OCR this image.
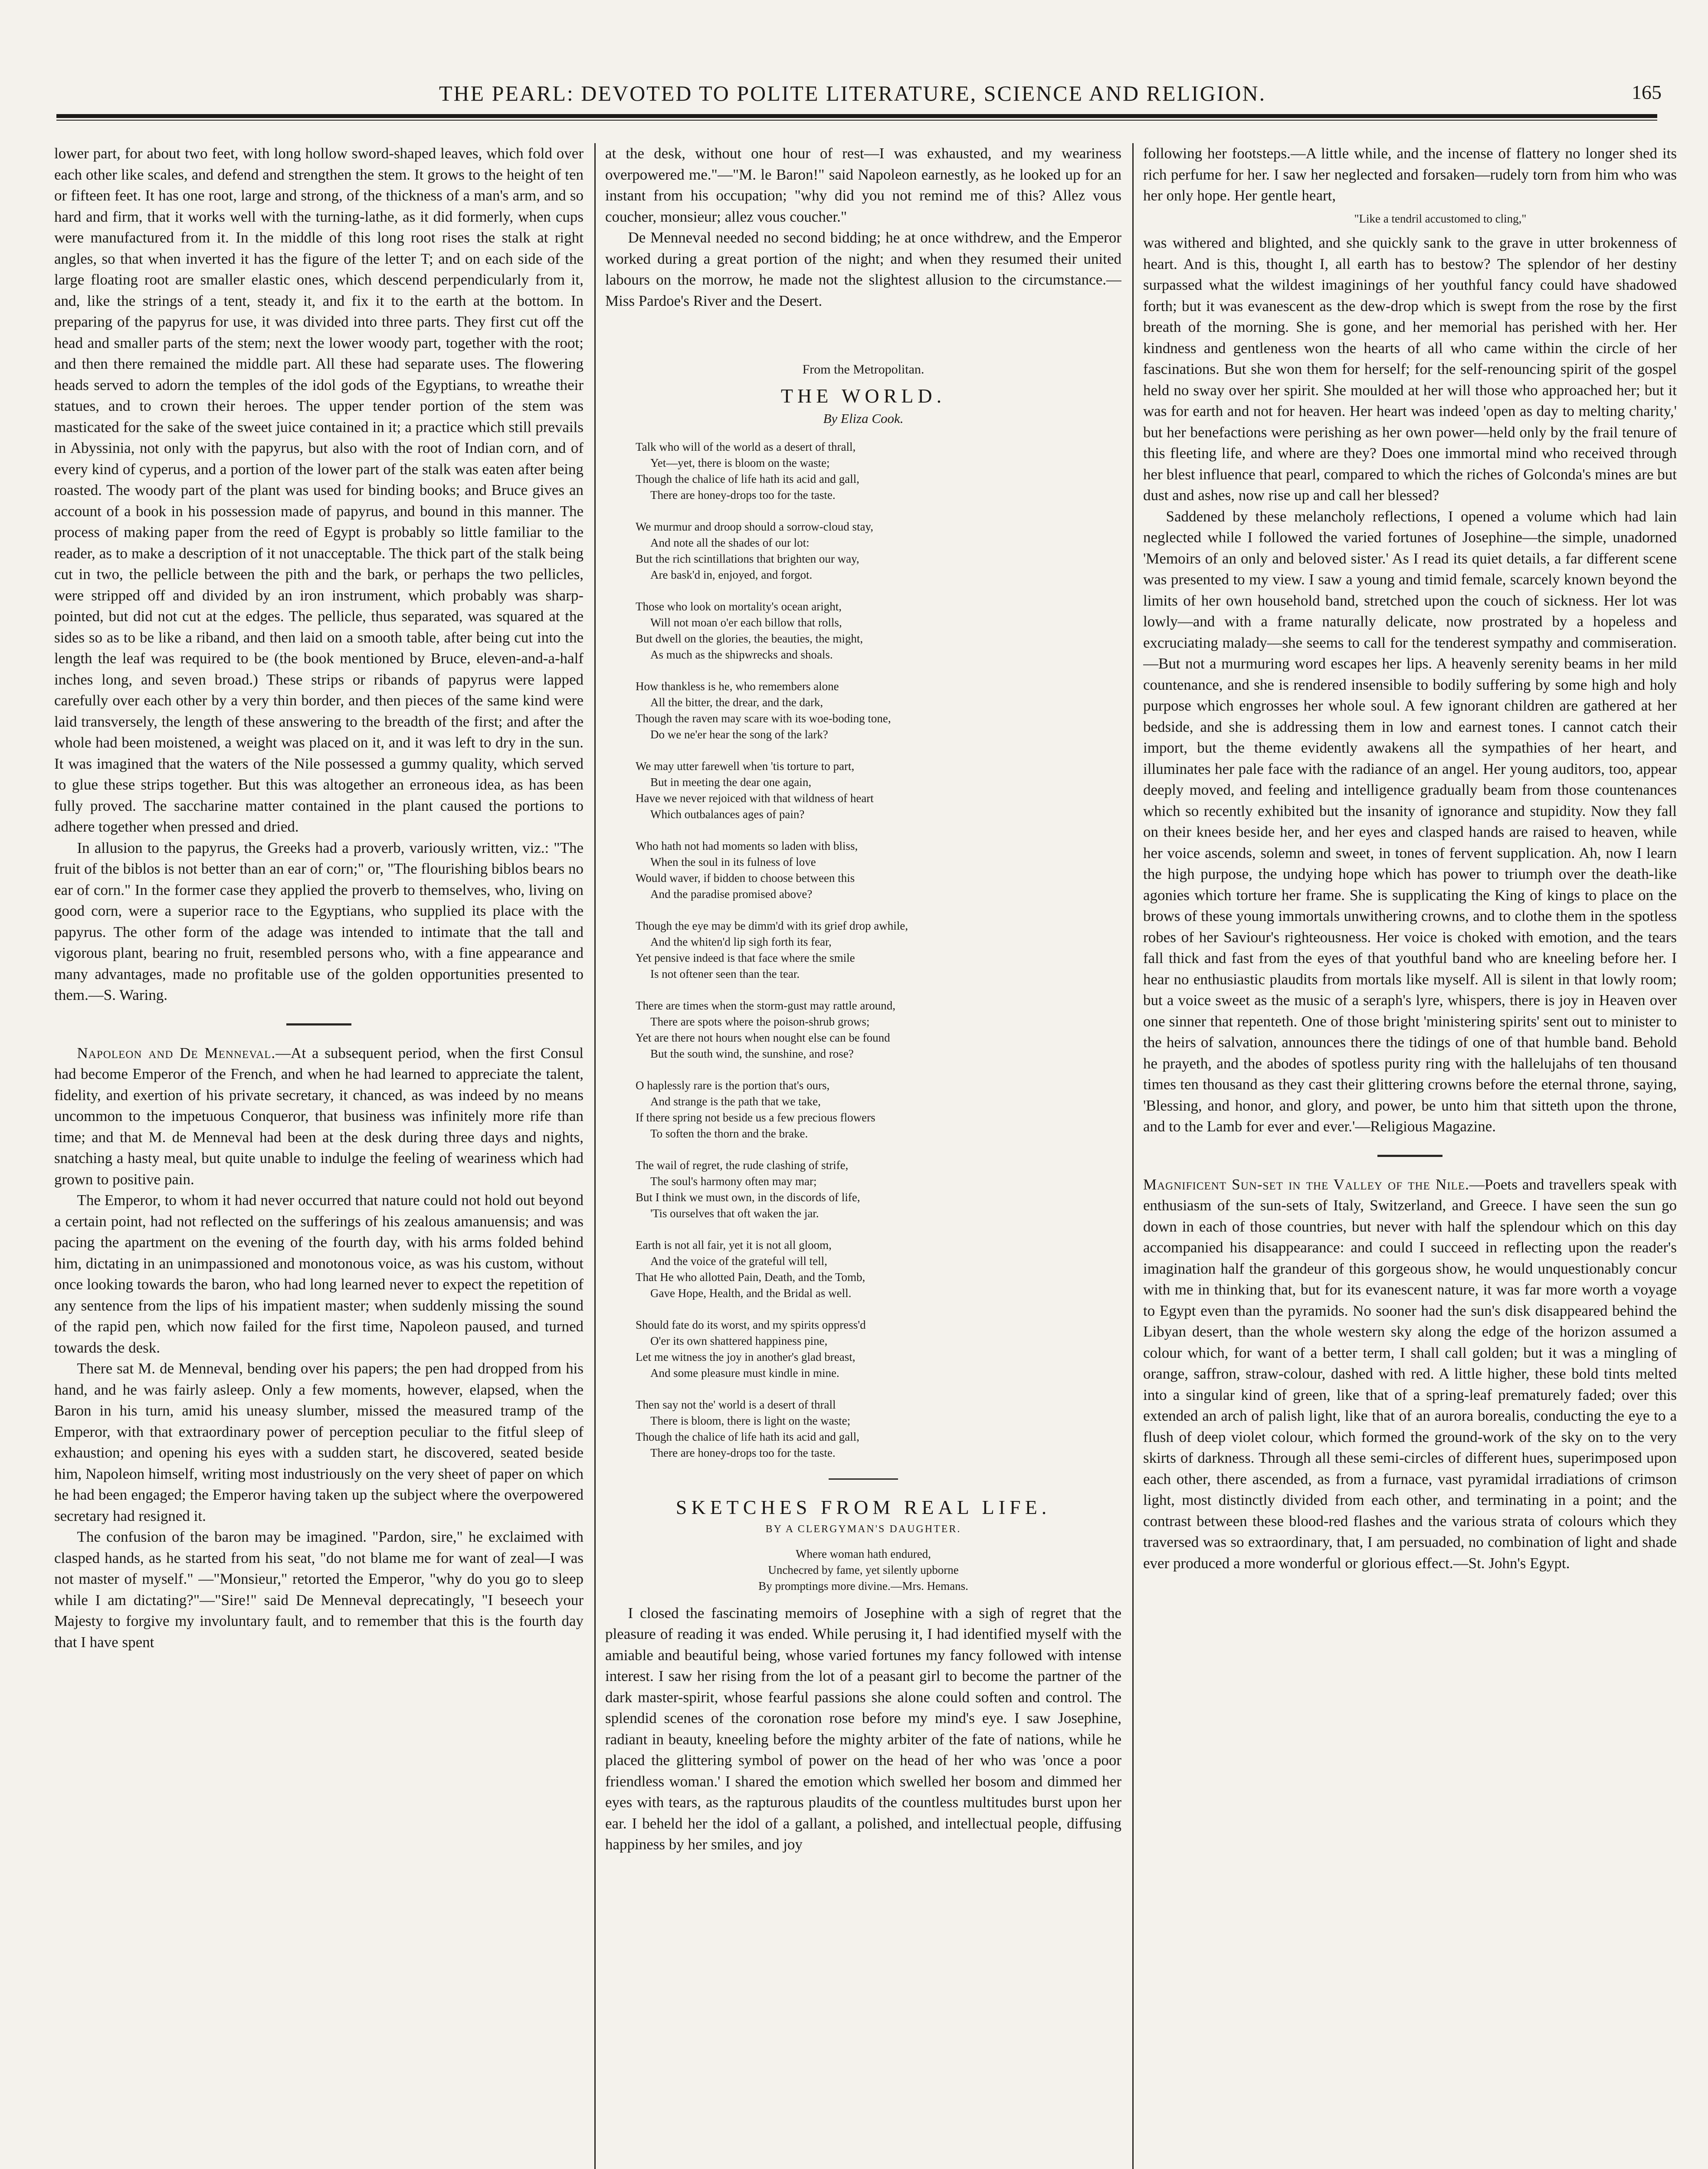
THE PEARL: DEVOTED TO POLITE LITERATURE, SCIENCE AND RELIGION.	165

lower part, for about two feet, with long hollow sword-shaped leaves, which fold over each other like scales, and defend and strengthen the stem. It grows to the height of ten or fifteen feet. It has one root, large and strong, of the thickness of a man's arm, and so hard and firm, that it works well with the turning-lathe, as it did formerly, when cups were manufactured from it. In the middle of this long root rises the stalk at right angles, so that when inverted it has the figure of the letter T; and on each side of the large floating root are smaller elastic ones, which descend perpendicularly from it, and, like the strings of a tent, steady it, and fix it to the earth at the bottom. In preparing of the papyrus for use, it was divided into three parts. They first cut off the head and smaller parts of the stem; next the lower woody part, together with the root; and then there remained the middle part. All these had separate uses. The flowering heads served to adorn the temples of the idol gods of the Egyptians, to wreathe their statues, and to crown their heroes. The upper tender portion of the stem was masticated for the sake of the sweet juice contained in it; a practice which still prevails in Abyssinia, not only with the papyrus, but also with the root of Indian corn, and of every kind of cyperus, and a portion of the lower part of the stalk was eaten after being roasted. The woody part of the plant was used for binding books; and Bruce gives an account of a book in his possession made of papyrus, and bound in this manner. The process of making paper from the reed of Egypt is probably so little familiar to the reader, as to make a description of it not unacceptable. The thick part of the stalk being cut in two, the pellicle between the pith and the bark, or perhaps the two pellicles, were stripped off and divided by an iron instrument, which probably was sharp-pointed, but did not cut at the edges. The pellicle, thus separated, was squared at the sides so as to be like a riband, and then laid on a smooth table, after being cut into the length the leaf was required to be (the book mentioned by Bruce, eleven-and-a-half inches long, and seven broad.) These strips or ribands of papyrus were lapped carefully over each other by a very thin border, and then pieces of the same kind were laid transversely, the length of these answering to the breadth of the first; and after the whole had been moistened, a weight was placed on it, and it was left to dry in the sun. It was imagined that the waters of the Nile possessed a gummy quality, which served to glue these strips together. But this was altogether an erroneous idea, as has been fully proved. The saccharine matter contained in the plant caused the portions to adhere together when pressed and dried.

In allusion to the papyrus, the Greeks had a proverb, variously written, viz.: "The fruit of the biblos is not better than an ear of corn;" or, "The flourishing biblos bears no ear of corn." In the former case they applied the proverb to themselves, who, living on good corn, were a superior race to the Egyptians, who supplied its place with the papyrus. The other form of the adage was intended to intimate that the tall and vigorous plant, bearing no fruit, resembled persons who, with a fine appearance and many advantages, made no profitable use of the golden opportunities presented to them.—S. Waring.

Napoleon and De Menneval.—At a subsequent period, when the first Consul had become Emperor of the French, and when he had learned to appreciate the talent, fidelity, and exertion of his private secretary, it chanced, as was indeed by no means uncommon to the impetuous Conqueror, that business was infinitely more rife than time; and that M. de Menneval had been at the desk during three days and nights, snatching a hasty meal, but quite unable to indulge the feeling of weariness which had grown to positive pain.

The Emperor, to whom it had never occurred that nature could not hold out beyond a certain point, had not reflected on the sufferings of his zealous amanuensis; and was pacing the apartment on the evening of the fourth day, with his arms folded behind him, dictating in an unimpassioned and monotonous voice, as was his custom, without once looking towards the baron, who had long learned never to expect the repetition of any sentence from the lips of his impatient master; when suddenly missing the sound of the rapid pen, which now failed for the first time, Napoleon paused, and turned towards the desk.

There sat M. de Menneval, bending over his papers; the pen had dropped from his hand, and he was fairly asleep. Only a few moments, however, elapsed, when the Baron in his turn, amid his uneasy slumber, missed the measured tramp of the Emperor, with that extraordinary power of perception peculiar to the fitful sleep of exhaustion; and opening his eyes with a sudden start, he discovered, seated beside him, Napoleon himself, writing most industriously on the very sheet of paper on which he had been engaged; the Emperor having taken up the subject where the overpowered secretary had resigned it.

The confusion of the baron may be imagined. "Pardon, sire," he exclaimed with clasped hands, as he started from his seat, "do not blame me for want of zeal—I was not master of myself." —"Monsieur," retorted the Emperor, "why do you go to sleep while I am dictating?"—"Sire!" said De Menneval deprecatingly, "I beseech your Majesty to forgive my involuntary fault, and to remember that this is the fourth day that I have spent

at the desk, without one hour of rest—I was exhausted, and my weariness overpowered me."—"M. le Baron!" said Napoleon earnestly, as he looked up for an instant from his occupation; "why did you not remind me of this? Allez vous coucher, monsieur; allez vous coucher."

De Menneval needed no second bidding; he at once withdrew, and the Emperor worked during a great portion of the night; and when they resumed their united labours on the morrow, he made not the slightest allusion to the circumstance.—Miss Pardoe's River and the Desert.

From the Metropolitan.
THE WORLD.
By Eliza Cook.
Talk who will of the world as a desert of thrall,
Yet—yet, there is bloom on the waste;
Though the chalice of life hath its acid and gall,
There are honey-drops too for the taste.
We murmur and droop should a sorrow-cloud stay,
And note all the shades of our lot:
But the rich scintillations that brighten our way,
Are bask'd in, enjoyed, and forgot.
Those who look on mortality's ocean aright,
Will not moan o'er each billow that rolls,
But dwell on the glories, the beauties, the might,
As much as the shipwrecks and shoals.
How thankless is he, who remembers alone
All the bitter, the drear, and the dark,
Though the raven may scare with its woe-boding tone,
Do we ne'er hear the song of the lark?
We may utter farewell when 'tis torture to part,
But in meeting the dear one again,
Have we never rejoiced with that wildness of heart
Which outbalances ages of pain?
Who hath not had moments so laden with bliss,
When the soul in its fulness of love
Would waver, if bidden to choose between this
And the paradise promised above?
Though the eye may be dimm'd with its grief drop awhile,
And the whiten'd lip sigh forth its fear,
Yet pensive indeed is that face where the smile
Is not oftener seen than the tear.
There are times when the storm-gust may rattle around,
There are spots where the poison-shrub grows;
Yet are there not hours when nought else can be found
But the south wind, the sunshine, and rose?
O haplessly rare is the portion that's ours,
And strange is the path that we take,
If there spring not beside us a few precious flowers
To soften the thorn and the brake.
The wail of regret, the rude clashing of strife,
The soul's harmony often may mar;
But I think we must own, in the discords of life,
'Tis ourselves that oft waken the jar.
Earth is not all fair, yet it is not all gloom,
And the voice of the grateful will tell,
That He who allotted Pain, Death, and the Tomb,
Gave Hope, Health, and the Bridal as well.
Should fate do its worst, and my spirits oppress'd
O'er its own shattered happiness pine,
Let me witness the joy in another's glad breast,
And some pleasure must kindle in mine.
Then say not the' world is a desert of thrall
There is bloom, there is light on the waste;
Though the chalice of life hath its acid and gall,
There are honey-drops too for the taste.
SKETCHES FROM REAL LIFE.
BY A CLERGYMAN'S DAUGHTER.
Where woman hath endured,
Unchecred by fame, yet silently upborne
By promptings more divine.—Mrs. Hemans.

I closed the fascinating memoirs of Josephine with a sigh of regret that the pleasure of reading it was ended. While perusing it, I had identified myself with the amiable and beautiful being, whose varied fortunes my fancy followed with intense interest. I saw her rising from the lot of a peasant girl to become the partner of the dark master-spirit, whose fearful passions she alone could soften and control. The splendid scenes of the coronation rose before my mind's eye. I saw Josephine, radiant in beauty, kneeling before the mighty arbiter of the fate of nations, while he placed the glittering symbol of power on the head of her who was 'once a poor friendless woman.' I shared the emotion which swelled her bosom and dimmed her eyes with tears, as the rapturous plaudits of the countless multitudes burst upon her ear. I beheld her the idol of a gallant, a polished, and intellectual people, diffusing happiness by her smiles, and joy

following her footsteps.—A little while, and the incense of flattery no longer shed its rich perfume for her. I saw her neglected and forsaken—rudely torn from him who was her only hope. Her gentle heart,

"Like a tendril accustomed to cling,"

was withered and blighted, and she quickly sank to the grave in utter brokenness of heart. And is this, thought I, all earth has to bestow? The splendor of her destiny surpassed what the wildest imaginings of her youthful fancy could have shadowed forth; but it was evanescent as the dew-drop which is swept from the rose by the first breath of the morning. She is gone, and her memorial has perished with her. Her kindness and gentleness won the hearts of all who came within the circle of her fascinations. But she won them for herself; for the self-renouncing spirit of the gospel held no sway over her spirit. She moulded at her will those who approached her; but it was for earth and not for heaven. Her heart was indeed 'open as day to melting charity,' but her benefactions were perishing as her own power—held only by the frail tenure of this fleeting life, and where are they? Does one immortal mind who received through her blest influence that pearl, compared to which the riches of Golconda's mines are but dust and ashes, now rise up and call her blessed?

Saddened by these melancholy reflections, I opened a volume which had lain neglected while I followed the varied fortunes of Josephine—the simple, unadorned 'Memoirs of an only and beloved sister.' As I read its quiet details, a far different scene was presented to my view. I saw a young and timid female, scarcely known beyond the limits of her own household band, stretched upon the couch of sickness. Her lot was lowly—and with a frame naturally delicate, now prostrated by a hopeless and excruciating malady—she seems to call for the tenderest sympathy and commiseration.—But not a murmuring word escapes her lips. A heavenly serenity beams in her mild countenance, and she is rendered insensible to bodily suffering by some high and holy purpose which engrosses her whole soul. A few ignorant children are gathered at her bedside, and she is addressing them in low and earnest tones. I cannot catch their import, but the theme evidently awakens all the sympathies of her heart, and illuminates her pale face with the radiance of an angel. Her young auditors, too, appear deeply moved, and feeling and intelligence gradually beam from those countenances which so recently exhibited but the insanity of ignorance and stupidity. Now they fall on their knees beside her, and her eyes and clasped hands are raised to heaven, while her voice ascends, solemn and sweet, in tones of fervent supplication. Ah, now I learn the high purpose, the undying hope which has power to triumph over the death-like agonies which torture her frame. She is supplicating the King of kings to place on the brows of these young immortals unwithering crowns, and to clothe them in the spotless robes of her Saviour's righteousness. Her voice is choked with emotion, and the tears fall thick and fast from the eyes of that youthful band who are kneeling before her. I hear no enthusiastic plaudits from mortals like myself. All is silent in that lowly room; but a voice sweet as the music of a seraph's lyre, whispers, there is joy in Heaven over one sinner that repenteth. One of those bright 'ministering spirits' sent out to minister to the heirs of salvation, announces there the tidings of one of that humble band. Behold he prayeth, and the abodes of spotless purity ring with the hallelujahs of ten thousand times ten thousand as they cast their glittering crowns before the eternal throne, saying, 'Blessing, and honor, and glory, and power, be unto him that sitteth upon the throne, and to the Lamb for ever and ever.'—Religious Magazine.

Magnificent Sun-set in the Valley of the Nile.—Poets and travellers speak with enthusiasm of the sun-sets of Italy, Switzerland, and Greece. I have seen the sun go down in each of those countries, but never with half the splendour which on this day accompanied his disappearance: and could I succeed in reflecting upon the reader's imagination half the grandeur of this gorgeous show, he would unquestionably concur with me in thinking that, but for its evanescent nature, it was far more worth a voyage to Egypt even than the pyramids. No sooner had the sun's disk disappeared behind the Libyan desert, than the whole western sky along the edge of the horizon assumed a colour which, for want of a better term, I shall call golden; but it was a mingling of orange, saffron, straw-colour, dashed with red. A little higher, these bold tints melted into a singular kind of green, like that of a spring-leaf prematurely faded; over this extended an arch of palish light, like that of an aurora borealis, conducting the eye to a flush of deep violet colour, which formed the ground-work of the sky on to the very skirts of darkness. Through all these semi-circles of different hues, superimposed upon each other, there ascended, as from a furnace, vast pyramidal irradiations of crimson light, most distinctly divided from each other, and terminating in a point; and the contrast between these blood-red flashes and the various strata of colours which they traversed was so extraordinary, that, I am persuaded, no combination of light and shade ever produced a more wonderful or glorious effect.—St. John's Egypt.
